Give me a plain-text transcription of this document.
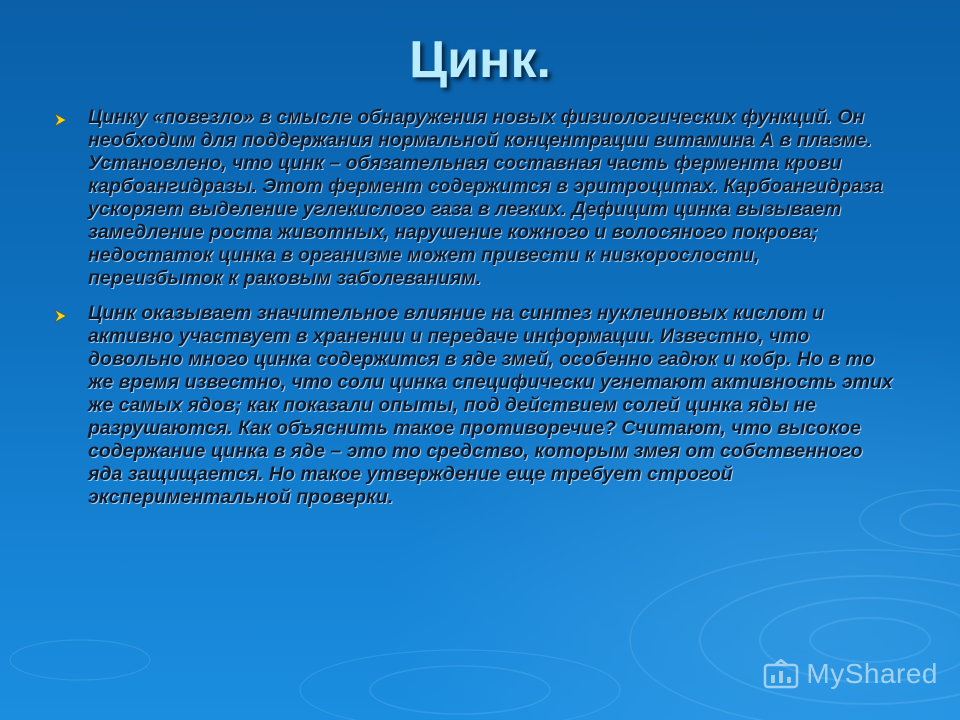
Цинк.

Цинку «повезло» в смысле обнаружения новых физиологических функций. Он необходим для поддержания нормальной концентрации витамина А в плазме. Установлено, что цинк – обязательная составная часть фермента крови карбоангидразы. Этот фермент содержится в эритроцитах. Карбоангидраза ускоряет выделение углекислого газа в легких. Дефицит цинка вызывает замедление роста животных, нарушение кожного и волосяного покрова; недостаток цинка в организме может привести к низкорослости, переизбыток к раковым заболеваниям.

Цинк оказывает значительное влияние на синтез нуклеиновых кислот и активно участвует в хранении и передаче информации. Известно, что довольно много цинка содержится в яде змей, особенно гадюк и кобр. Но в то же время известно, что соли цинка специфически угнетают активность этих же самых ядов; как показали опыты, под действием солей цинка яды не разрушаются. Как объяснить такое противоречие? Считают, что высокое содержание цинка в яде – это то средство, которым змея от собственного яда защищается. Но такое утверждение еще требует строгой экспериментальной проверки.

MyShared
